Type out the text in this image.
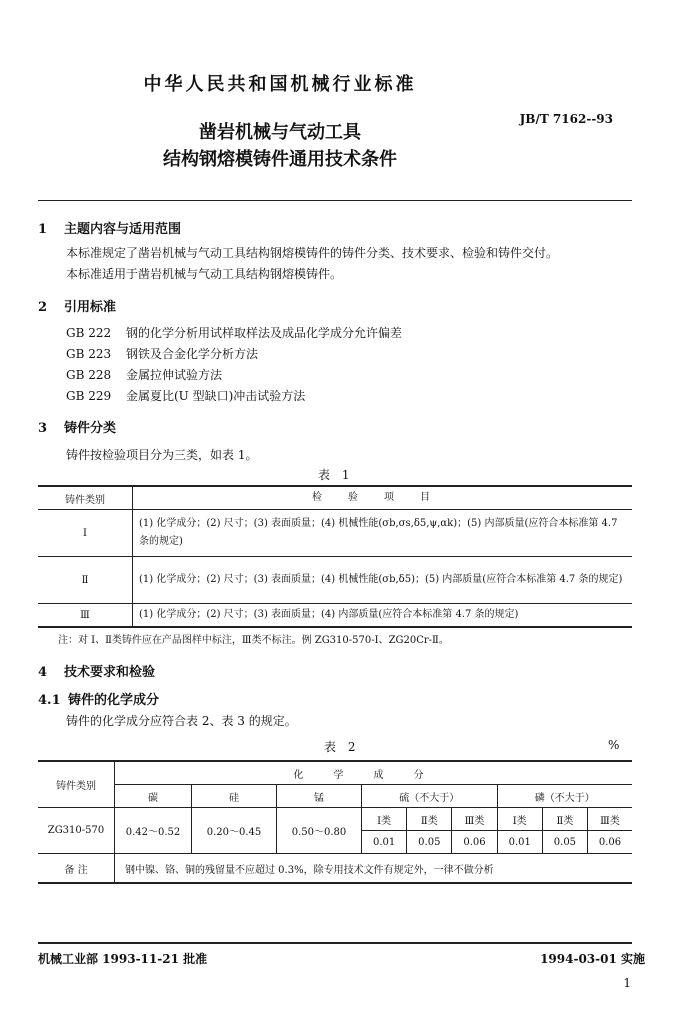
中华人民共和国机械行业标准
JB/T 7162--93
凿岩机械与气动工具
结构钢熔模铸件通用技术条件
1 主题内容与适用范围
本标准规定了凿岩机械与气动工具结构钢熔模铸件的铸件分类、技术要求、检验和铸件交付。
本标准适用于凿岩机械与气动工具结构钢熔模铸件。
2 引用标准
GB 222 钢的化学分析用试样取样法及成品化学成分允许偏差
GB 223 钢铁及合金化学分析方法
GB 228 金属拉伸试验方法
GB 229 金属夏比(U 型缺口)冲击试验方法
3 铸件分类
铸件按检验项目分为三类，如表 1。
表 1
铸件类别	检验项目
I	(1) 化学成分；(2) 尺寸；(3) 表面质量；(4) 机械性能(σb,σs,δ5,ψ,αk)；(5) 内部质量(应符合本标准第 4.7 条的规定)
Ⅱ	(1) 化学成分；(2) 尺寸；(3) 表面质量；(4) 机械性能(σb,δ5)；(5) 内部质量(应符合本标准第 4.7 条的规定)
Ⅲ	(1) 化学成分；(2) 尺寸；(3) 表面质量；(4) 内部质量(应符合本标准第 4.7 条的规定)
注：对 Ⅰ、Ⅱ类铸件应在产品图样中标注，Ⅲ类不标注。例 ZG310-570-Ⅰ、ZG20Cr-Ⅱ。
4 技术要求和检验
4.1 铸件的化学成分
铸件的化学成分应符合表 2、表 3 的规定。
表 2	%
铸件类别	化学成分								
	碳	硅	锰	硫（不大于）			磷（不大于）		
ZG310-570	0.42～0.52	0.20～0.45	0.50～0.80	Ⅰ类	Ⅱ类	Ⅲ类	Ⅰ类	Ⅱ类	Ⅲ类
				0.01	0.05	0.06	0.01	0.05	0.06
备 注	钢中镍、铬、铜的残留量不应超过 0.3%，除专用技术文件有规定外，一律不做分析								
机械工业部 1993-11-21 批准	1994-03-01 实施
1
